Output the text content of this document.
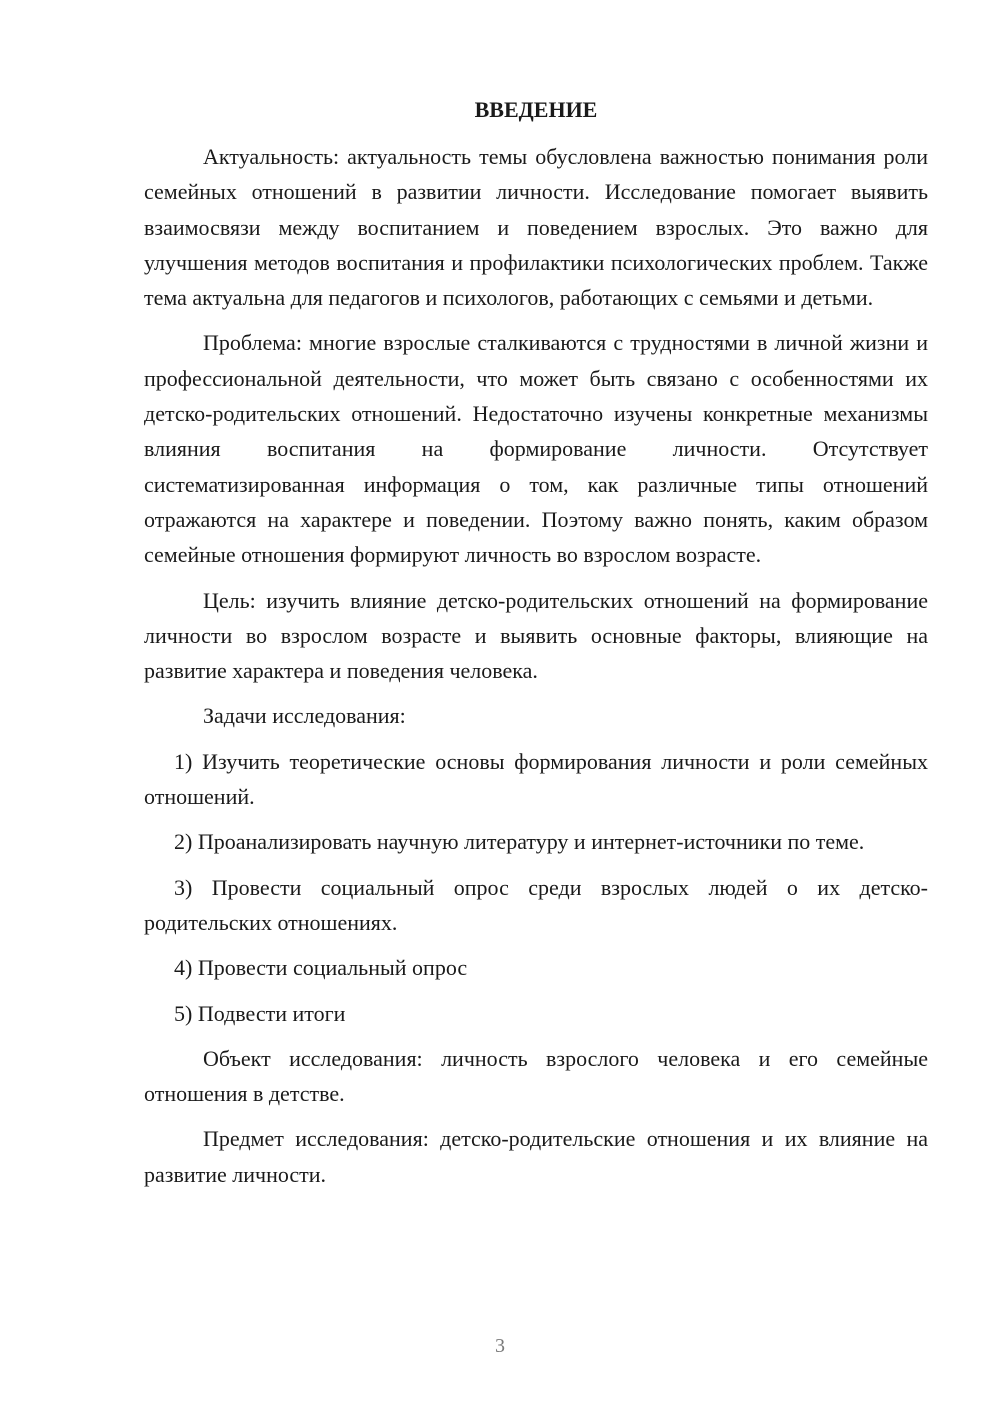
ВВЕДЕНИЕ

Актуальность: актуальность темы обусловлена важностью понимания роли семейных отношений в развитии личности. Исследование помогает выявить взаимосвязи между воспитанием и поведением взрослых. Это важно для улучшения методов воспитания и профилактики психологических проблем. Также тема актуальна для педагогов и психологов, работающих с семьями и детьми.

Проблема: многие взрослые сталкиваются с трудностями в личной жизни и профессиональной деятельности, что может быть связано с особенностями их детско-родительских отношений. Недостаточно изучены конкретные механизмы влияния воспитания на формирование личности. Отсутствует систематизированная информация о том, как различные типы отношений отражаются на характере и поведении. Поэтому важно понять, каким образом семейные отношения формируют личность во взрослом возрасте.

Цель: изучить влияние детско-родительских отношений на формирование личности во взрослом возрасте и выявить основные факторы, влияющие на развитие характера и поведения человека.

Задачи исследования:

1) Изучить теоретические основы формирования личности и роли семейных отношений.

2) Проанализировать научную литературу и интернет-источники по теме.

3) Провести социальный опрос среди взрослых людей о их детско-родительских отношениях.

4) Провести социальный опрос

5) Подвести итоги

Объект исследования: личность взрослого человека и его семейные отношения в детстве.

Предмет исследования: детско-родительские отношения и их влияние на развитие личности.

3
